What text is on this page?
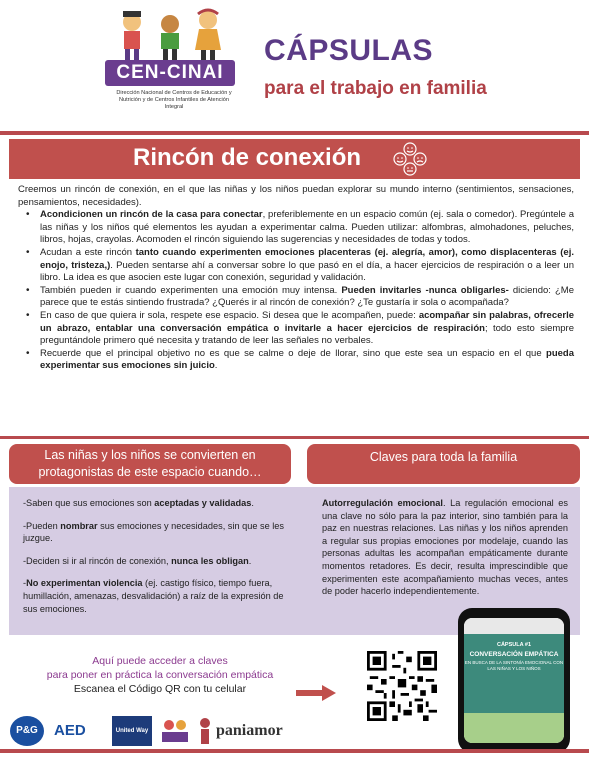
CEN-CINAI
Dirección Nacional de Centros de Educación y Nutrición y de Centros Infantiles de Atención Integral
CÁPSULAS
para el trabajo en familia
Rincón de conexión

Creemos un rincón de conexión, en el que las niñas y los niños puedan explorar su mundo interno (sentimientos, sensaciones, pensamientos, necesidades).

• Acondicionen un rincón de la casa para conectar, preferiblemente en un espacio común (ej. sala o comedor). Pregúntele a las niñas y los niños qué elementos les ayudan a experimentar calma. Pueden utilizar: alfombras, almohadones, peluches, libros, hojas, crayolas. Acomoden el rincón siguiendo las sugerencias y necesidades de todas y todos.
• Acudan a este rincón tanto cuando experimenten emociones placenteras (ej. alegría, amor), como displacenteras (ej. enojo, tristeza,). Pueden sentarse ahí a conversar sobre lo que pasó en el día, a hacer ejercicios de respiración o a leer un libro. La idea es que asocien este lugar con conexión, seguridad y validación.
• También pueden ir cuando experimenten una emoción muy intensa. Pueden invitarles -nunca obligarles- diciendo: ¿Me parece que te estás sintiendo frustrada? ¿Querés ir al rincón de conexión? ¿Te gustaría ir sola o acompañada?
• En caso de que quiera ir sola, respete ese espacio. Si desea que le acompañen, puede: acompañar sin palabras, ofrecerle un abrazo, entablar una conversación empática o invitarle a hacer ejercicios de respiración; todo esto siempre preguntándole primero qué necesita y tratando de leer las señales no verbales.
• Recuerde que el principal objetivo no es que se calme o deje de llorar, sino que este sea un espacio en el que pueda experimentar sus emociones sin juicio.
Las niñas y los niños se convierten en protagonistas de este espacio cuando…
Claves para toda la familia

-Saben que sus emociones son aceptadas y validadas.

-Pueden nombrar sus emociones y necesidades, sin que se les juzgue.

-Deciden si ir al rincón de conexión, nunca les obligan.

-No experimentan violencia (ej. castigo físico, tiempo fuera, humillación, amenazas, desvalidación) a raíz de la expresión de sus emociones.

Autorregulación emocional. La regulación emocional es una clave no sólo para la paz interior, sino también para la paz en nuestras relaciones. Las niñas y los niños aprenden a regular sus propias emociones por modelaje, cuando las personas adultas les acompañan empáticamente durante momentos retadores. Es decir, resulta imprescindible que experimenten este acompañamiento muchas veces, antes de poder hacerlo independientemente.
Aquí puede acceder a claves
para poner en práctica la conversación empática
Escanea el Código QR con tu celular
CÁPSULA #1
CONVERSACIÓN EMPÁTICA
EN BUSCA DE LA SINTONÍA EMOCIONAL CON LAS NIÑAS Y LOS NIÑOS
P&G	AED	United Way	paniamor
